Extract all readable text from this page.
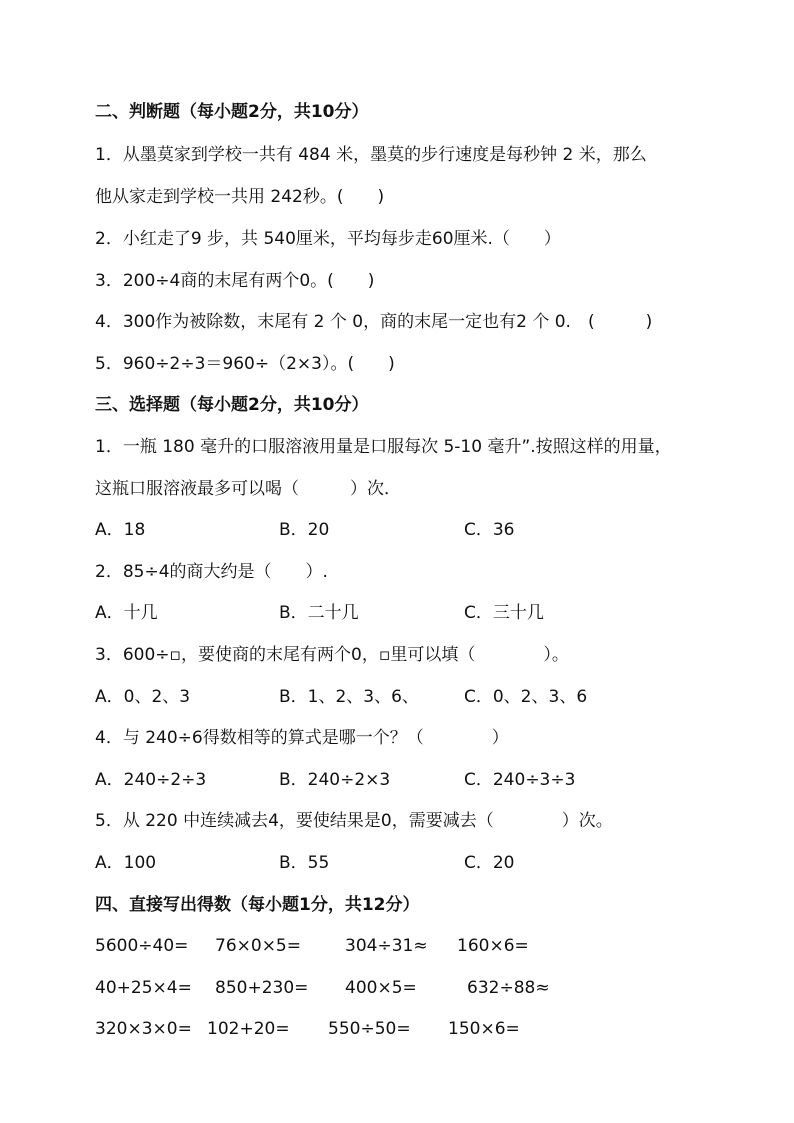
二、判断题（每小题2分，共10分）
1．从墨莫家到学校一共有 484 米，墨莫的步行速度是每秒钟 2 米，那么
他从家走到学校一共用 242秒。(　　)
2．小红走了9 步，共 540厘米，平均每步走60厘米.（　　）
3．200÷4商的末尾有两个0。(　　)
4．300作为被除数，末尾有 2 个 0，商的末尾一定也有2 个 0.　(　　　)
5．960÷2÷3＝960÷（2×3）。(　　)
三、选择题（每小题2分，共10分）
1．一瓶 180 毫升的口服溶液用量是口服每次 5-10 毫升”.按照这样的用量，
这瓶口服溶液最多可以喝（　　　）次．
A．18	B．20	C．36
2．85÷4的商大约是（　　）.
A．十几	B．二十几	C．三十几
3．600÷▫，要使商的末尾有两个0，▫里可以填（　　　　）。
A．0、2、3	B．1、2、3、6、	C．0、2、3、6
4．与 240÷6得数相等的算式是哪一个？（　　　　）
A．240÷2÷3	B．240÷2×3	C．240÷3÷3
5．从 220 中连续减去4，要使结果是0，需要减去（　　　　）次。
A．100	B．55	C．20
四、直接写出得数（每小题1分，共12分）
5600÷40= 76×0×5=	304÷31≈ 160×6=
40+25×4= 850+230= 400×5=	632÷88≈
320×3×0= 102+20= 550÷50= 150×6=
